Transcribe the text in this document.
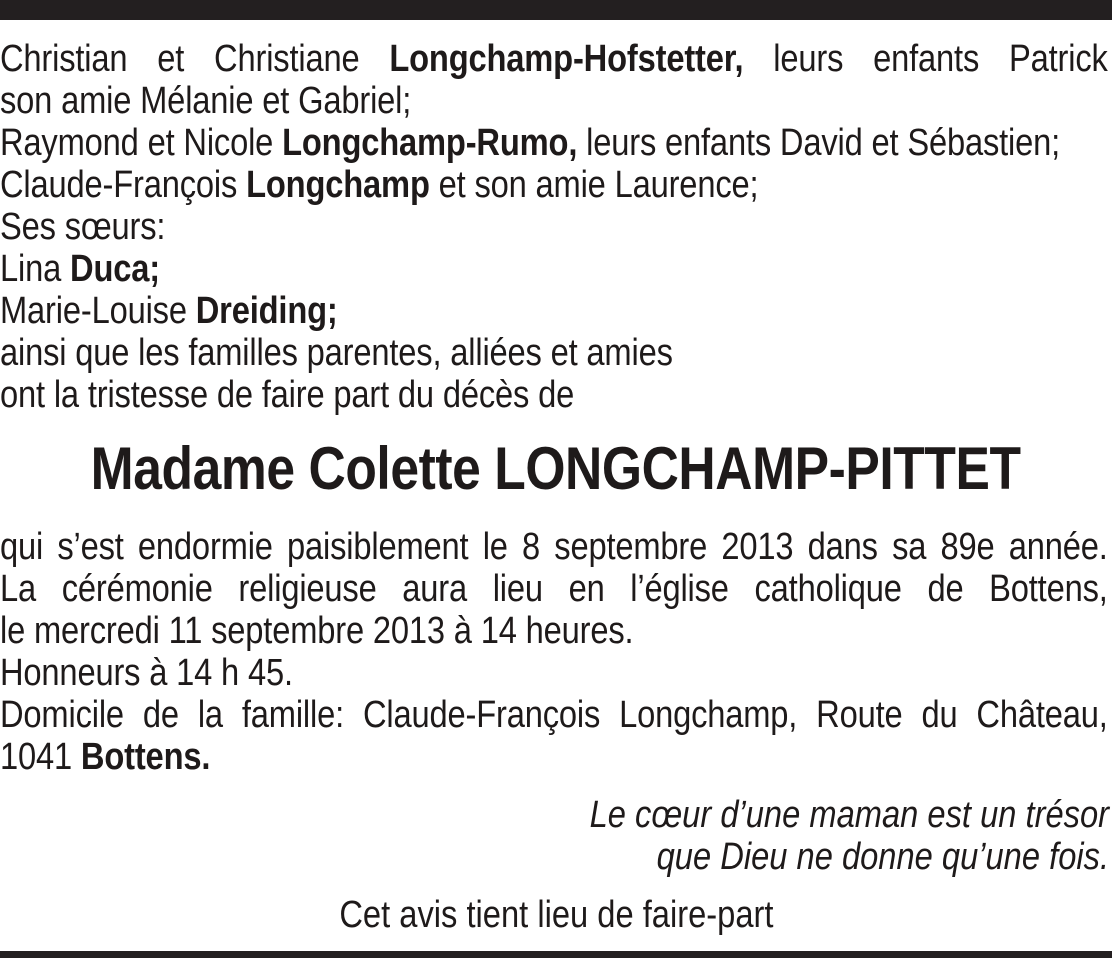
Christian et Christiane Longchamp-Hofstetter, leurs enfants Patrick
son amie Mélanie et Gabriel;
Raymond et Nicole Longchamp-Rumo, leurs enfants David et Sébastien;
Claude-François Longchamp et son amie Laurence;
Ses sœurs:
Lina Duca;
Marie-Louise Dreiding;
ainsi que les familles parentes, alliées et amies
ont la tristesse de faire part du décès de
Madame Colette LONGCHAMP-PITTET
qui s’est endormie paisiblement le 8 septembre 2013 dans sa 89e année.
La cérémonie religieuse aura lieu en l’église catholique de Bottens,
le mercredi 11 septembre 2013 à 14 heures.
Honneurs à 14 h 45.
Domicile de la famille: Claude-François Longchamp, Route du Château,
1041 Bottens.
Le cœur d’une maman est un trésor
que Dieu ne donne qu’une fois.
Cet avis tient lieu de faire-part
